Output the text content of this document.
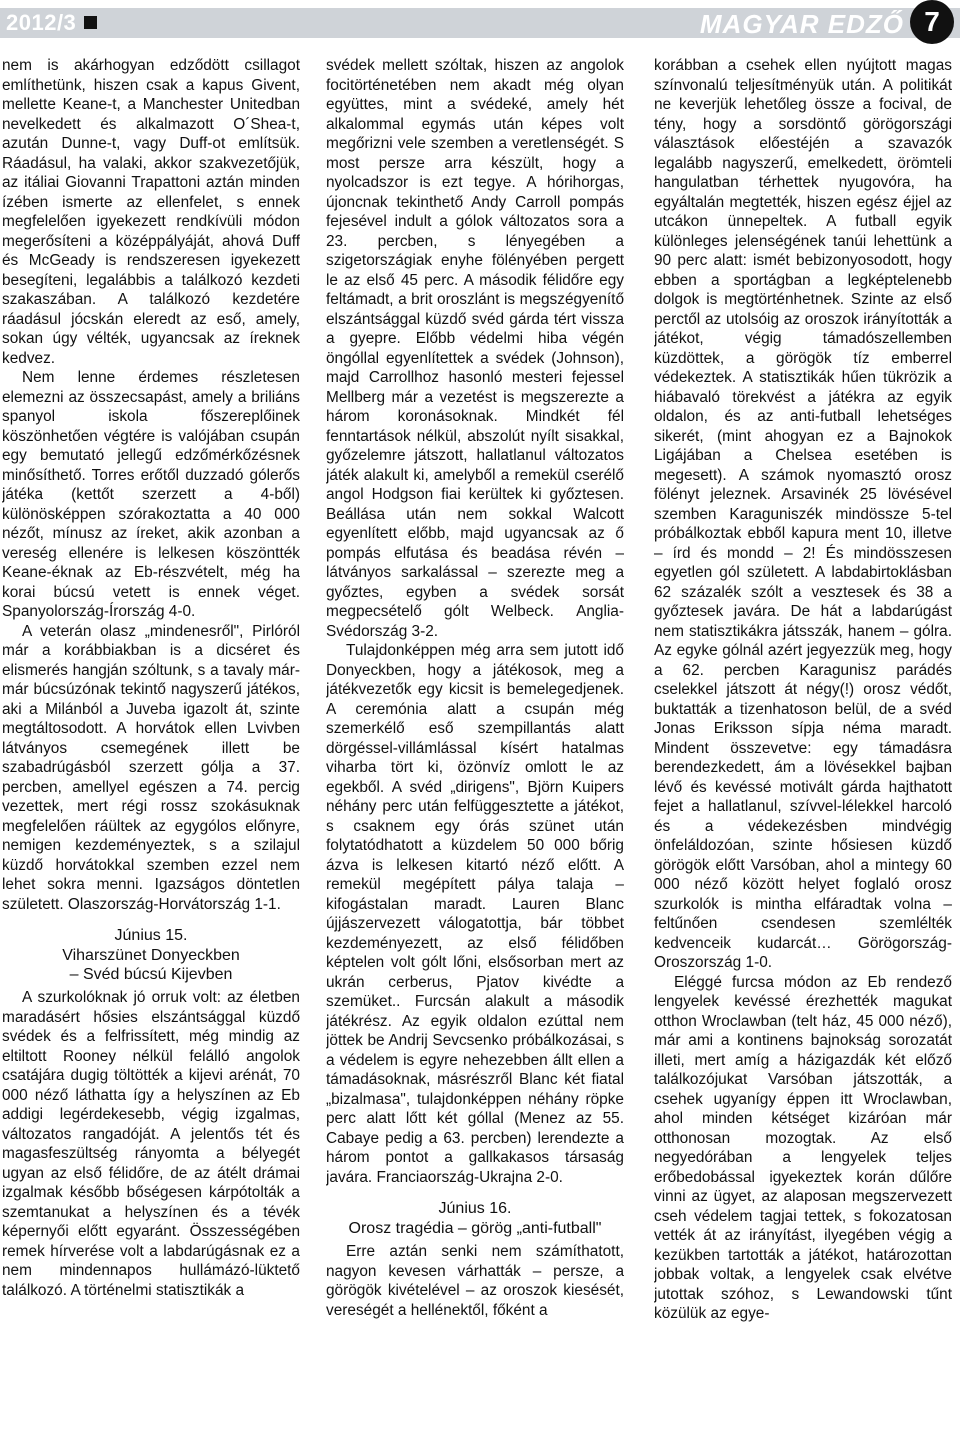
2012/3	MAGYAR EDZŐ 7

nem is akárhogyan edződött csillagot említhetünk, hiszen csak a kapus Givent, mellette Keane-t, a Manchester Unitedban nevelkedett és alkalmazott O´Shea-t, azután Dunne-t, vagy Duff-ot említsük. Ráadásul, ha valaki, akkor szakvezetőjük, az itáliai Giovanni Trapattoni aztán minden ízében ismerte az ellenfelet, s ennek megfelelően igyekezett rendkívüli módon megerősíteni a középpályáját, ahová Duff és McGeady is rendszeresen igyekezett besegíteni, legalábbis a találkozó kezdeti szakaszában. A találkozó kezdetére ráadásul jócskán eleredt az eső, amely, sokan úgy vélték, ugyancsak az íreknek kedvez.

Nem lenne érdemes részletesen elemezni az összecsapást, amely a briliáns spanyol iskola főszereplőinek köszönhetően végtére is valójában csupán egy bemutató jellegű edzőmérkőzésnek minősíthető. Torres erőtől duzzadó gólerős játéka (kettőt szerzett a 4-ből) különösképpen szórakoztatta a 40 000 nézőt, mínusz az íreket, akik azonban a vereség ellenére is lelkesen köszöntték Keane-éknak az Eb-részvételt, még ha korai búcsú vetett is ennek véget. Spanyolország-Írország 4-0.

A veterán olasz „mindenesről", Pirlóról már a korábbiakban is a dicséret és elismerés hangján szóltunk, s a tavaly már-már búcsúzónak tekintő nagyszerű játékos, aki a Milánból a Juveba igazolt át, szinte megtáltosodott. A horvátok ellen Lvivben látványos csemegének illett be szabadrúgásból szerzett gólja a 37. percben, amellyel egészen a 74. percig vezettek, mert régi rossz szokásuknak megfelelően ráültek az egygólos előnyre, nemigen kezdeményeztek, s a szilajul küzdő horvátokkal szemben ezzel nem lehet sokra menni. Igazságos döntetlen született. Olaszország-Horvátország 1-1.

Június 15.
Viharszünet Donyeckben
– Svéd búcsú Kijevben

A szurkolóknak jó orruk volt: az életben maradásért hősies elszántsággal küzdő svédek és a felfrissített, még mindig az eltiltott Rooney nélkül felálló angolok csatájára dugig töltötték a kijevi arénát, 70 000 néző láthatta így a helyszínen az Eb addigi legérdekesebb, végig izgalmas, változatos rangadóját. A jelentős tét és magasfeszültség rányomta a bélyegét ugyan az első félidőre, de az átélt drámai izgalmak később bőségesen kárpótolták a szemtanukat a helyszínen és a tévék képernyői előtt egyaránt. Összességében remek hírverése volt a labdarúgásnak ez a nem mindennapos hullámázó-lüktető találkozó. A történelmi statisztikák a

svédek mellett szóltak, hiszen az angolok focitörténetében nem akadt még olyan együttes, mint a svédeké, amely hét alkalommal egymás után képes volt megőrizni vele szemben a veretlenségét. S most persze arra készült, hogy a nyolcadszor is ezt tegye. A hórihorgas, újoncnak tekinthető Andy Carroll pompás fejesével indult a gólok változatos sora a 23. percben, s lényegében a szigetországiak enyhe fölényében pergett le az első 45 perc. A második félidőre egy feltámadt, a brit oroszlánt is megszégyenítő elszántsággal küzdő svéd gárda tért vissza a gyepre. Előbb védelmi hiba végén öngóllal egyenlítettek a svédek (Johnson), majd Carrollhoz hasonló mesteri fejessel Mellberg már a vezetést is megszerezte a három koronásoknak. Mindkét fél fenntartások nélkül, abszolút nyílt sisakkal, győzelemre játszott, hallatlanul változatos játék alakult ki, amelyből a remekül cserélő angol Hodgson fiai kerültek ki győztesen. Beállása után nem sokkal Walcott egyenlített előbb, majd ugyancsak az ő pompás elfutása és beadása révén – látványos sarkalással – szerezte meg a győztes, egyben a svédek sorsát megpecsételő gólt Welbeck. Anglia-Svédország 3-2.

Tulajdonképpen még arra sem jutott idő Donyeckben, hogy a játékosok, meg a játékvezetők egy kicsit is bemelegedjenek. A ceremónia alatt a csupán még szemerkélő eső szempillantás alatt dörgéssel-villámlással kísért hatalmas viharba tört ki, özönvíz omlott le az egekből. A svéd „dirigens", Björn Kuipers néhány perc után felfüggesztette a játékot, s csaknem egy órás szünet után folytatódhatott a küzdelem 50 000 bőrig ázva is lelkesen kitartó néző előtt. A remekül megépített pálya talaja – kifogástalan maradt. Lauren Blanc újjászervezett válogatottja, bár többet kezdeményezett, az első félidőben képtelen volt gólt lőni, elsősorban mert az ukrán cerberus, Pjatov kivédte a szemüket.. Furcsán alakult a második játékrész. Az egyik oldalon ezúttal nem jöttek be Andrij Sevcsenko próbálkozásai, s a védelem is egyre nehezebben állt ellen a támadásoknak, másrészről Blanc két fiatal „bizalmasa", tulajdonképpen néhány röpke perc alatt lőtt két góllal (Menez az 55. Cabaye pedig a 63. percben) lerendezte a három pontot a gallkakasos társaság javára. Franciaország-Ukrajna 2-0.

Június 16.
Orosz tragédia – görög „anti-futball"

Erre aztán senki nem számíthatott, nagyon kevesen várhatták – persze, a görögök kivételével – az oroszok kiesését, vereségét a hellénektől, főként a

korábban a csehek ellen nyújtott magas színvonalú teljesítményük után. A politikát ne keverjük lehetőleg össze a focival, de tény, hogy a sorsdöntő görögországi választások előestéjén a szavazók legalább nagyszerű, emelkedett, örömteli hangulatban térhettek nyugovóra, ha egyáltalán megtették, hiszen egész éjjel az utcákon ünnepeltek. A futball egyik különleges jelenségének tanúi lehettünk a 90 perc alatt: ismét bebizonyosodott, hogy ebben a sportágban a legképtelenebb dolgok is megtörténhetnek. Szinte az első perctől az utolsóig az oroszok irányították a játékot, végig támadószellemben küzdöttek, a görögök tíz emberrel védekeztek. A statisztikák hűen tükrözik a hiábavaló törekvést a játékra az egyik oldalon, és az anti-futball lehetséges sikerét, (mint ahogyan ez a Bajnokok Ligájában a Chelsea esetében is megesett). A számok nyomasztó orosz fölényt jeleznek. Arsavinék 25 lövésével szemben Karaguniszék mindössze 5-tel próbálkoztak ebből kapura ment 10, illetve – írd és mondd – 2! És mindösszesen egyetlen gól született. A labdabirtoklásban 62 százalék szólt a vesztesek és 38 a győztesek javára. De hát a labdarúgást nem statisztikákra játsszák, hanem – gólra. Az egyke gólnál azért jegyezzük meg, hogy a 62. percben Karagunisz parádés cselekkel játszott át négy(!) orosz védőt, buktatták a tizenhatoson belül, de a svéd Jonas Eriksson sípja néma maradt. Mindent összevetve: egy támadásra berendezkedett, ám a lövésekkel bajban lévő és kevéssé motivált gárda hajthatott fejet a hallatlanul, szívvel-lélekkel harcoló és a védekezésben mindvégig önfeláldozóan, szinte hősiesen küzdő görögök előtt Varsóban, ahol a mintegy 60 000 néző között helyet foglaló orosz szurkolók is mintha elfáradtak volna – feltűnően csendesen szemlélték kedvenceik kudarcát… Görögország-Oroszország 1-0.

Eléggé furcsa módon az Eb rendező lengyelek kevéssé érezhették magukat otthon Wroclawban (telt ház, 45 000 néző), már ami a kontinens bajnokság sorozatát illeti, mert amíg a házigazdák két előző találkozójukat Varsóban játszották, a csehek ugyanígy éppen itt Wroclawban, ahol minden kétséget kizáróan már otthonosan mozogtak. Az első negyedórában a lengyelek teljes erőbedobással igyekeztek korán dűlőre vinni az ügyet, az alaposan megszervezett cseh védelem tagjai tettek, s fokozatosan vették át az irányítást, ilyegében végig a kezükben tartották a játékot, határozottan jobbak voltak, a lengyelek csak elvétve jutottak szóhoz, s Lewandowski tűnt közülük az egye-
